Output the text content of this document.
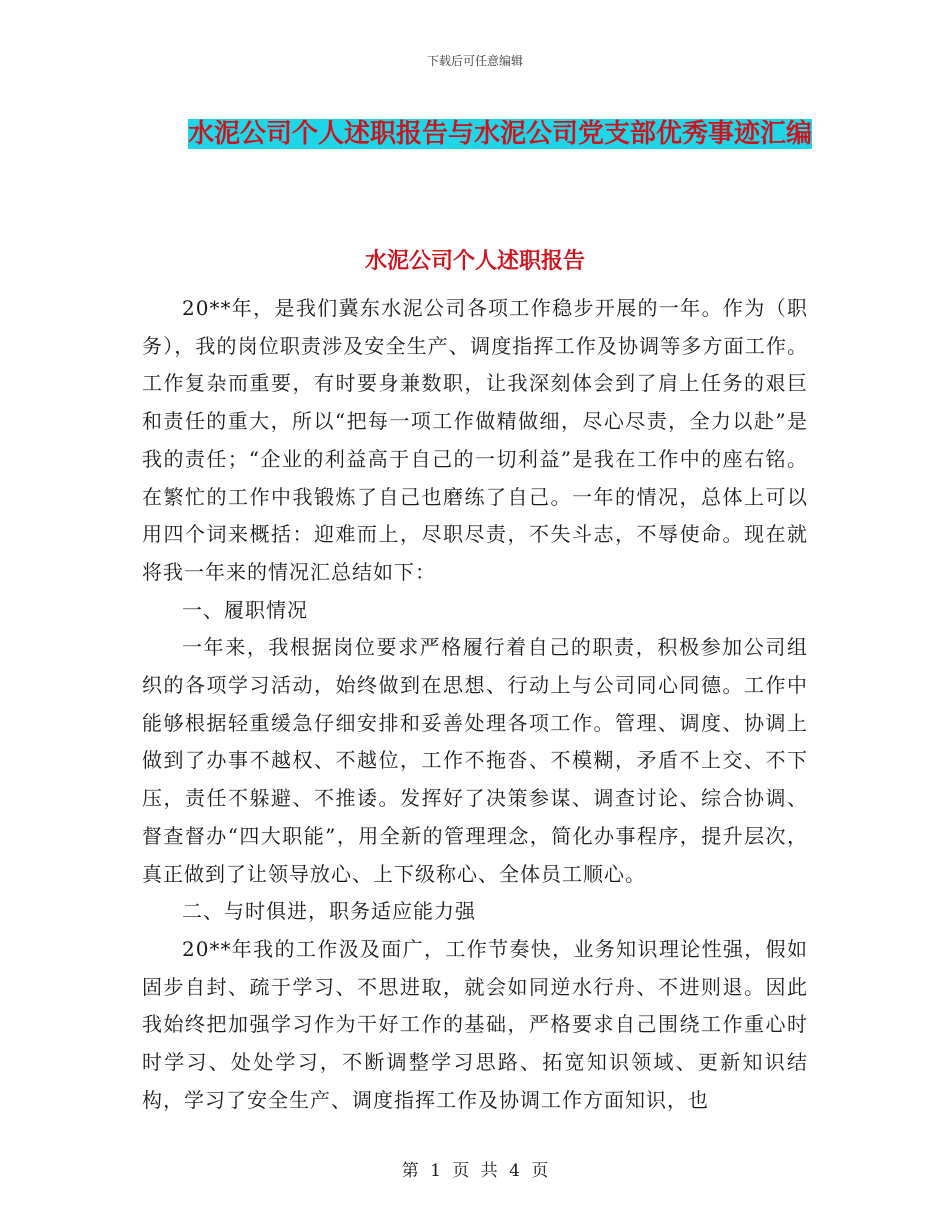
下载后可任意编辑
水泥公司个人述职报告与水泥公司党支部优秀事迹汇编
水泥公司个人述职报告

20**年，是我们冀东水泥公司各项工作稳步开展的一年。作为（职务），我的岗位职责涉及安全生产、调度指挥工作及协调等多方面工作。工作复杂而重要，有时要身兼数职，让我深刻体会到了肩上任务的艰巨和责任的重大，所以“把每一项工作做精做细，尽心尽责，全力以赴”是我的责任；“企业的利益高于自己的一切利益”是我在工作中的座右铭。在繁忙的工作中我锻炼了自己也磨练了自己。一年的情况，总体上可以用四个词来概括：迎难而上，尽职尽责，不失斗志，不辱使命。现在就将我一年来的情况汇总结如下：

一、履职情况

一年来，我根据岗位要求严格履行着自己的职责，积极参加公司组织的各项学习活动，始终做到在思想、行动上与公司同心同德。工作中能够根据轻重缓急仔细安排和妥善处理各项工作。管理、调度、协调上做到了办事不越权、不越位，工作不拖沓、不模糊，矛盾不上交、不下压，责任不躲避、不推诿。发挥好了决策参谋、调查讨论、综合协调、督查督办“四大职能”，用全新的管理理念，简化办事程序，提升层次，真正做到了让领导放心、上下级称心、全体员工顺心。

二、与时俱进，职务适应能力强

20**年我的工作汲及面广，工作节奏快，业务知识理论性强，假如固步自封、疏于学习、不思进取，就会如同逆水行舟、不进则退。因此我始终把加强学习作为干好工作的基础，严格要求自己围绕工作重心时时学习、处处学习，不断调整学习思路、拓宽知识领域、更新知识结构，学习了安全生产、调度指挥工作及协调工作方面知识，也

第 1 页 共 4 页
